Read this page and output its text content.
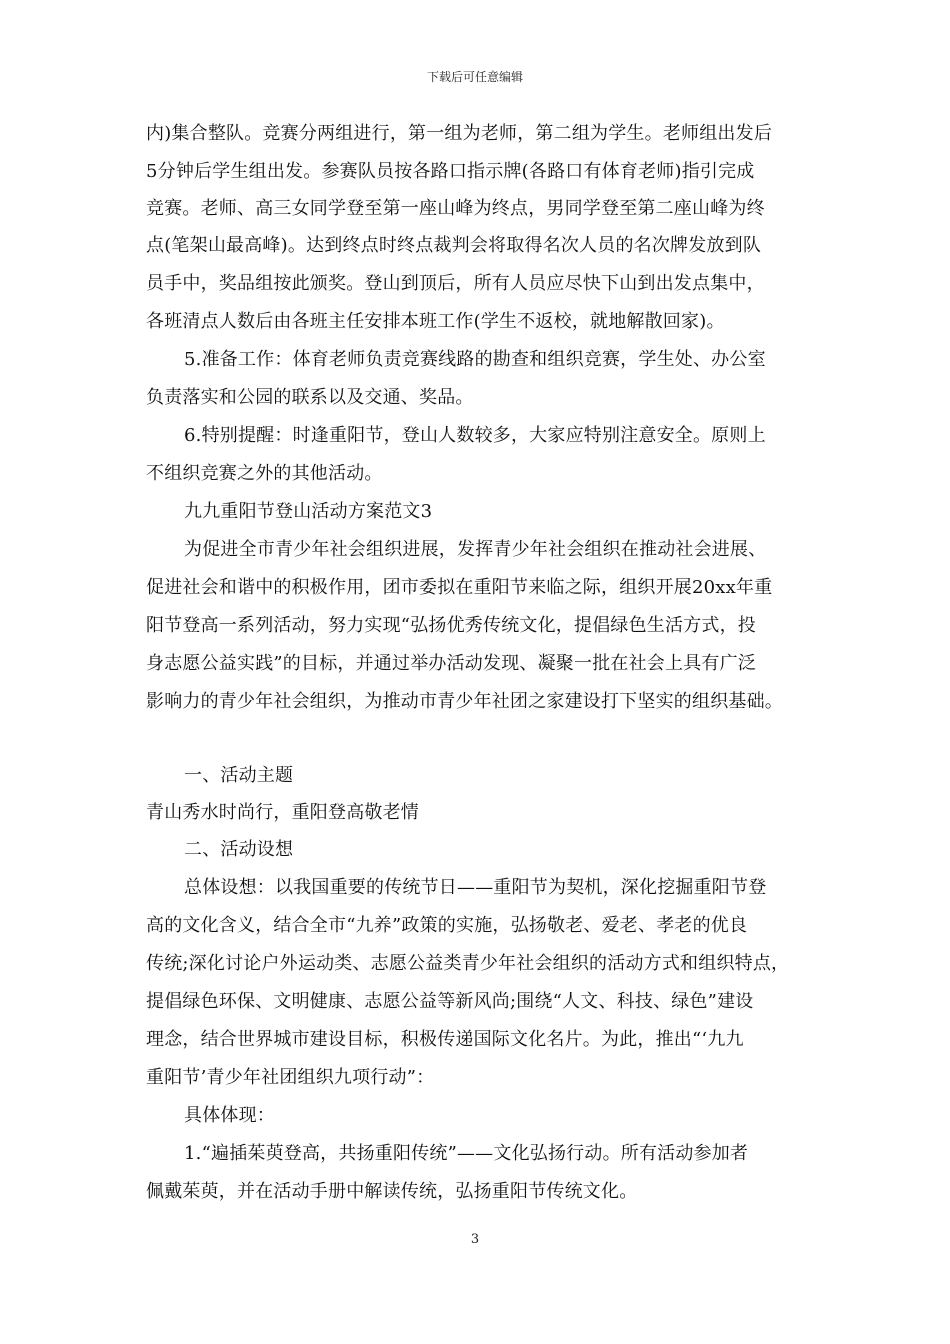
下载后可任意编辑
内)集合整队。竞赛分两组进行，第一组为老师，第二组为学生。老师组出发后
5分钟后学生组出发。参赛队员按各路口指示牌(各路口有体育老师)指引完成
竞赛。老师、高三女同学登至第一座山峰为终点，男同学登至第二座山峰为终
点(笔架山最高峰)。达到终点时终点裁判会将取得名次人员的名次牌发放到队
员手中，奖品组按此颁奖。登山到顶后，所有人员应尽快下山到出发点集中，
各班清点人数后由各班主任安排本班工作(学生不返校，就地解散回家)。
5.准备工作：体育老师负责竞赛线路的勘查和组织竞赛，学生处、办公室
负责落实和公园的联系以及交通、奖品。
6.特别提醒：时逢重阳节，登山人数较多，大家应特别注意安全。原则上
不组织竞赛之外的其他活动。
九九重阳节登山活动方案范文3
为促进全市青少年社会组织进展，发挥青少年社会组织在推动社会进展、
促进社会和谐中的积极作用，团市委拟在重阳节来临之际，组织开展20xx年重
阳节登高一系列活动，努力实现“弘扬优秀传统文化，提倡绿色生活方式，投
身志愿公益实践”的目标，并通过举办活动发现、凝聚一批在社会上具有广泛
影响力的青少年社会组织，为推动市青少年社团之家建设打下坚实的组织基础。
一、活动主题
青山秀水时尚行，重阳登高敬老情
二、活动设想
总体设想：以我国重要的传统节日——重阳节为契机，深化挖掘重阳节登
高的文化含义，结合全市“九养”政策的实施，弘扬敬老、爱老、孝老的优良
传统;深化讨论户外运动类、志愿公益类青少年社会组织的活动方式和组织特点，
提倡绿色环保、文明健康、志愿公益等新风尚;围绕“人文、科技、绿色”建设
理念，结合世界城市建设目标，积极传递国际文化名片。为此，推出“‘九九
重阳节’青少年社团组织九项行动”：
具体体现：
1.“遍插茱萸登高，共扬重阳传统”——文化弘扬行动。所有活动参加者
佩戴茱萸，并在活动手册中解读传统，弘扬重阳节传统文化。
3
